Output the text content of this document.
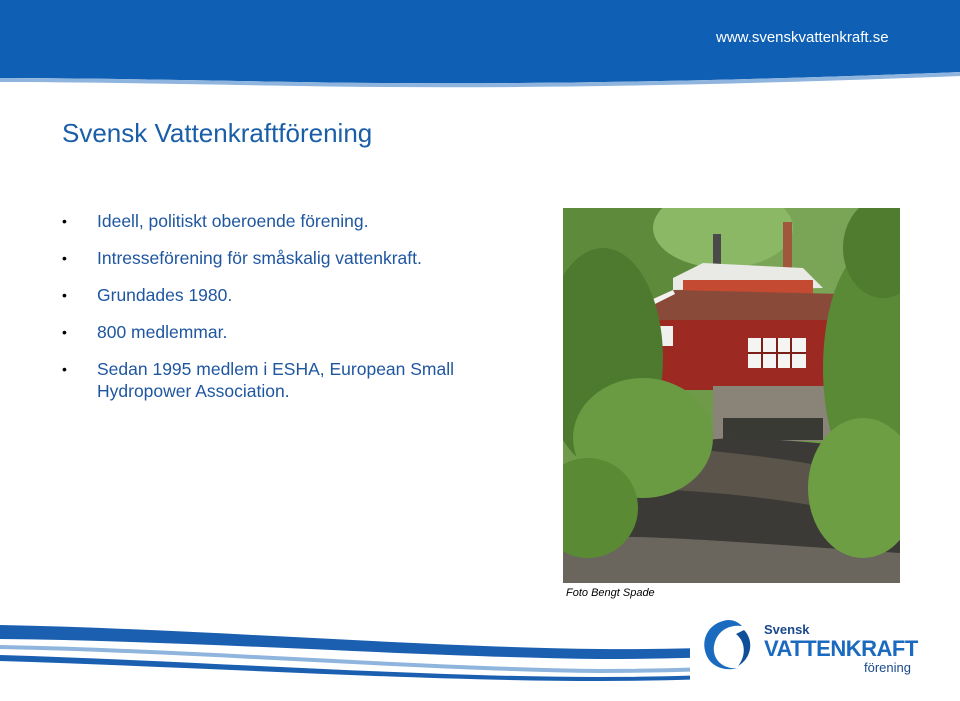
www.svenskvattenkraft.se
Svensk Vattenkraftförening
• Ideell, politiskt oberoende förening.
• Intresseförening för småskalig vattenkraft.
• Grundades 1980.
• 800 medlemmar.
• Sedan 1995 medlem i ESHA, European Small Hydropower Association.
Foto Bengt Spade
Svensk
VATTENKRAFT
förening
